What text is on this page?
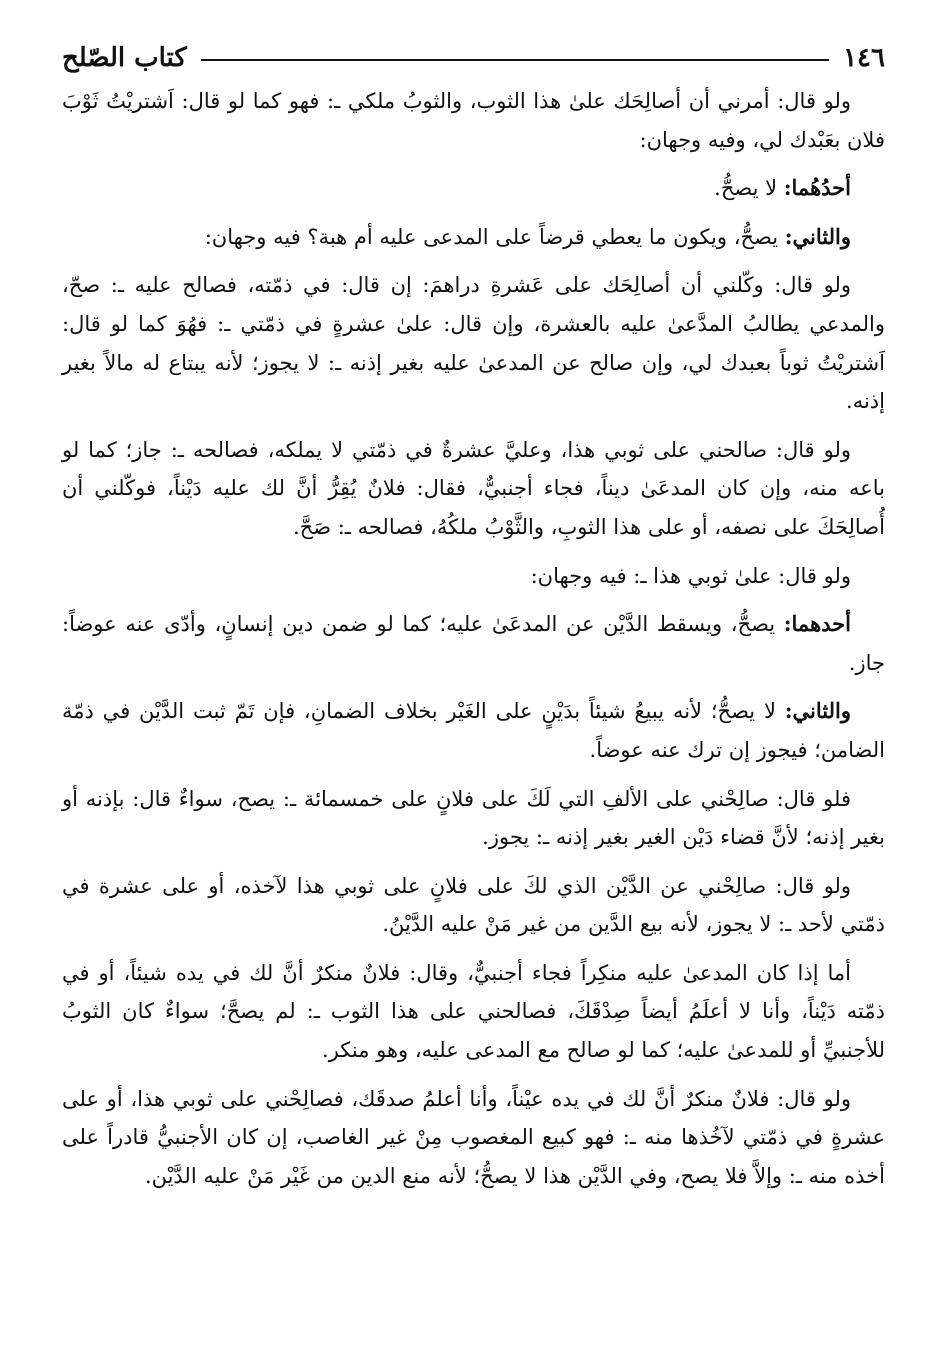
١٤٦
كتاب الصّلح

ولو قال: أمرني أن أصالِحَك علىٰ هذا الثوب، والثوبُ ملكي ـ: فهو كما لو قال: اَشتريْتُ ثَوْبَ فلان بعَبْدك لي، وفيه وجهان:

أحدُهُما: لا يصحُّ.

والثاني: يصحُّ، ويكون ما يعطي قرضاً على المدعى عليه أم هبة؟ فيه وجهان:

ولو قال: وكّلني أن أصالِحَك على عَشرةِ دراهمَ: إن قال: في ذمّته، فصالح عليه ـ: صحّ، والمدعي يطالبُ المدَّعىٰ عليه بالعشرة، وإن قال: علىٰ عشرةٍ في ذمّتي ـ: فهُوَ كما لو قال: اَشتريْتُ ثوباً بعبدك لي، وإن صالح عن المدعىٰ عليه بغير إذنه ـ: لا يجوز؛ لأنه يبتاع له مالاً بغير إذنه.

ولو قال: صالحني على ثوبي هذا، وعليَّ عشرةٌ في ذمّتي لا يملكه، فصالحه ـ: جاز؛ كما لو باعه منه، وإن كان المدعَىٰ ديناً، فجاء أجنبيٌّ، فقال: فلانٌ يُقِرُّ أنَّ لك عليه دَيْناً، فوكّلني أن أُصالِحَكَ على نصفه، أو على هذا الثوبِ، والثَّوْبُ ملكُهُ، فصالحه ـ: صَحَّ.

ولو قال: علىٰ ثوبي هذا ـ: فيه وجهان:

أحدهما: يصحُّ، ويسقط الدَّيْن عن المدعَىٰ عليه؛ كما لو ضمن دين إنسانٍ، وأدّى عنه عوضاً: جاز.

والثاني: لا يصحُّ؛ لأنه يبيعُ شيئاً بدَيْنٍ على الغَيْر بخلاف الضمانِ، فإن تَمّ ثبت الدَّيْن في ذمّة الضامن؛ فيجوز إن ترك عنه عوضاً.

فلو قال: صالِحْني على الألفِ التي لَكَ على فلانٍ على خمسمائة ـ: يصح، سواءٌ قال: بإذنه أو بغير إذنه؛ لأنَّ قضاء دَيْن الغير بغير إذنه ـ: يجوز.

ولو قال: صالِحْني عن الدَّيْن الذي لكَ على فلانٍ على ثوبي هذا لآخذه، أو على عشرة في ذمّتي لأحد ـ: لا يجوز، لأنه بيع الدَّين من غير مَنْ عليه الدَّيْنُ.

أما إذا كان المدعىٰ عليه منكِراً فجاء أجنبيٌّ، وقال: فلانٌ منكرٌ أنَّ لك في يده شيئاً، أو في ذمّته دَيْناً، وأنا لا أعلَمُ أيضاً صِدْقَكَ، فصالحني على هذا الثوب ـ: لم يصحَّ؛ سواءٌ كان الثوبُ للأجنبيِّ أو للمدعىٰ عليه؛ كما لو صالح مع المدعى عليه، وهو منكر.

ولو قال: فلانٌ منكرٌ أنَّ لك في يده عيْناً، وأنا أعلمُ صدقَك، فصالِحْني على ثوبي هذا، أو على عشرةٍ في ذمّتي لآخُذها منه ـ: فهو كبيع المغصوب مِنْ غير الغاصب، إن كان الأجنبيُّ قادراً على أخذه منه ـ: وإلاَّ فلا يصح، وفي الدَّيْن هذا لا يصحُّ؛ لأنه منع الدين من غَيْر مَنْ عليه الدَّيْن.
